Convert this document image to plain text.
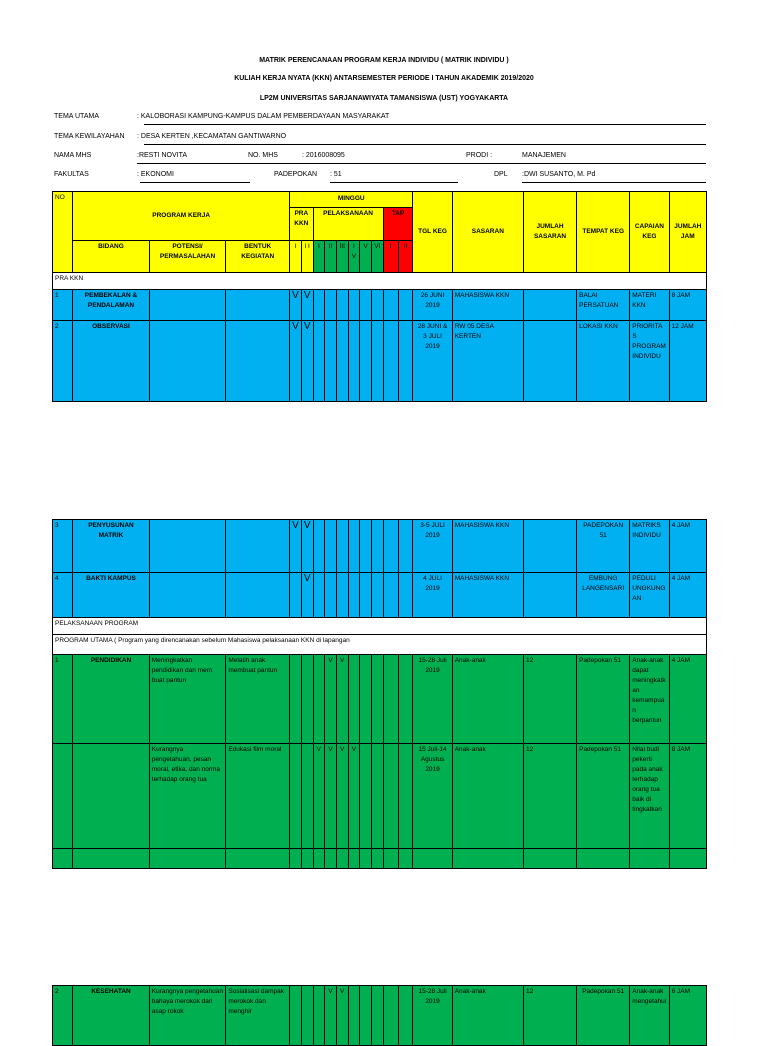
MATRIK PERENCANAAN PROGRAM KERJA INDIVIDU ( MATRIK INDIVIDU )
KULIAH KERJA NYATA (KKN) ANTARSEMESTER PERIODE I TAHUN AKADEMIK 2019/2020
LP2M UNIVERSITAS SARJANAWIYATA TAMANSISWA (UST) YOGYAKARTA
TEMA UTAMA	: KALOBORASI KAMPUNG-KAMPUS DALAM PEMBERDAYAAN MASYARAKAT
TEMA KEWILAYAHAN : DESA KERTEN ,KECAMATAN GANTIWARNO
NAMA MHS	:RESTI NOVITA	NO. MHS	: 2016008095	PRODI :	MANAJEMEN
FAKULTAS	: EKONOMI	PADEPOKAN : 51	DPL :DWI SUSANTO, M. Pd
NO	PROGRAM KERJA			MINGGU										TGL KEG	SASARAN	JUMLAH SASARAN	TEMPAT KEG	CAPAIAN KEG	JUMLAH JAM
				PRA KKN		PELAKSANAAN						TAP							
	BIDANG	POTENSI/ PERMASALAHAN	BENTUK KEGIATAN	I	I I	I	II	III	I V	V	VI	I	II						
PRA KKN																			
1	PEMBEKALAN & PENDALAMAN			V	V									26 JUNI 2019	MAHASISWA KKN		BALAI PERSATUAN	MATERI KKN	8 JAM
2	OBSERVASI			V	V									28 JUNI & 3 JULI 2019	RW 05 DESA KERTEN		LOKASI KKN	PRIORITAS PROGRAM INDIVIDU	12 JAM
3	PENYUSUNAN MATRIK			V	V									3-5 JULI 2019	MAHASISWA KKN		PADEPOKAN 51	MATRIKS INDIVIDU	4 JAM
4	BAKTI KAMPUS				V									4 JULI 2019	MAHASISWA KKN		EMBUNG LANGENSARI	PEDULI UNGKUNGAN	4 JAM
PELAKSANAAN PROGRAM																			
PROGRAM UTAMA ( Program yang direncanakan sebelum Mahasiswa pelaksanaan KKN di lapangan																			
1	PENDIDIKAN	Meningkatkan pendidikan dan mem buat pantun	Melatih anak membuat pantun				V	V						15-28 Juli 2019	Anak-anak	12	Padepokan 51	Anak-anak dapat meningkatkan kemampuan berpantun	4 JAM
		Kurangnya pengetahuan, pesan moral, etika, dan norma terhadap orang tua	Edukasi film moral			V	V	V	V					15 Juli-14 Agustus 2019	Anak-anak	12	Padepokan 51	Nilai budi pekerti pada anak terhadap orang tua baik di tingkatkan	8 JAM

2	KESEHATAN	Kurangnya pengetahuan bahaya merokok dari asap rokok	Sosialisasi dampak merokok dan menghir				V	V						15-28 Juli 2019	Anak-anak	12	Padepokan 51	Anak-anak mengetahui	6 JAM
